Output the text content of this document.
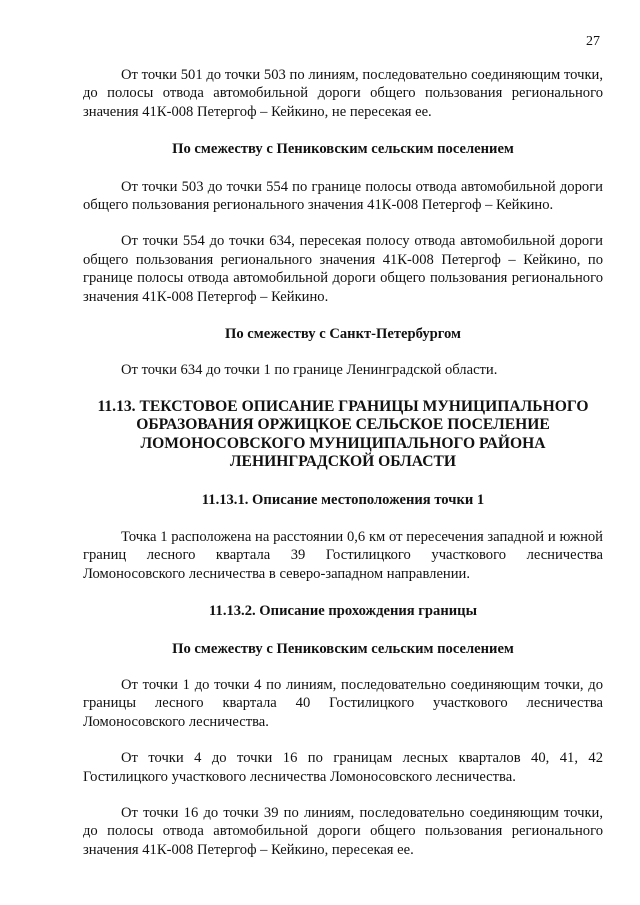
27

От точки 501 до точки 503 по линиям, последовательно соединяющим точки, до полосы отвода автомобильной дороги общего пользования регионального значения 41К-008 Петергоф – Кейкино, не пересекая ее.

По смежеству с Пениковским сельским поселением

От точки 503 до точки 554 по границе полосы отвода автомобильной дороги общего пользования регионального значения 41К-008 Петергоф – Кейкино.

От точки 554 до точки 634, пересекая полосу отвода автомобильной дороги общего пользования регионального значения 41К-008 Петергоф – Кейкино, по границе полосы отвода автомобильной дороги общего пользования регионального значения 41К-008 Петергоф – Кейкино.

По смежеству с Санкт-Петербургом

От точки 634 до точки 1 по границе Ленинградской области.

11.13. ТЕКСТОВОЕ ОПИСАНИЕ ГРАНИЦЫ МУНИЦИПАЛЬНОГО ОБРАЗОВАНИЯ ОРЖИЦКОЕ СЕЛЬСКОЕ ПОСЕЛЕНИЕ ЛОМОНОСОВСКОГО МУНИЦИПАЛЬНОГО РАЙОНА ЛЕНИНГРАДСКОЙ ОБЛАСТИ

11.13.1. Описание местоположения точки 1

Точка 1 расположена на расстоянии 0,6 км от пересечения западной и южной границ лесного квартала 39 Гостилицкого участкового лесничества Ломоносовского лесничества в северо-западном направлении.

11.13.2. Описание прохождения границы

По смежеству с Пениковским сельским поселением

От точки 1 до точки 4 по линиям, последовательно соединяющим точки, до границы лесного квартала 40 Гостилицкого участкового лесничества Ломоносовского лесничества.

От точки 4 до точки 16 по границам лесных кварталов 40, 41, 42 Гостилицкого участкового лесничества Ломоносовского лесничества.

От точки 16 до точки 39 по линиям, последовательно соединяющим точки, до полосы отвода автомобильной дороги общего пользования регионального значения 41К-008 Петергоф – Кейкино, пересекая ее.
